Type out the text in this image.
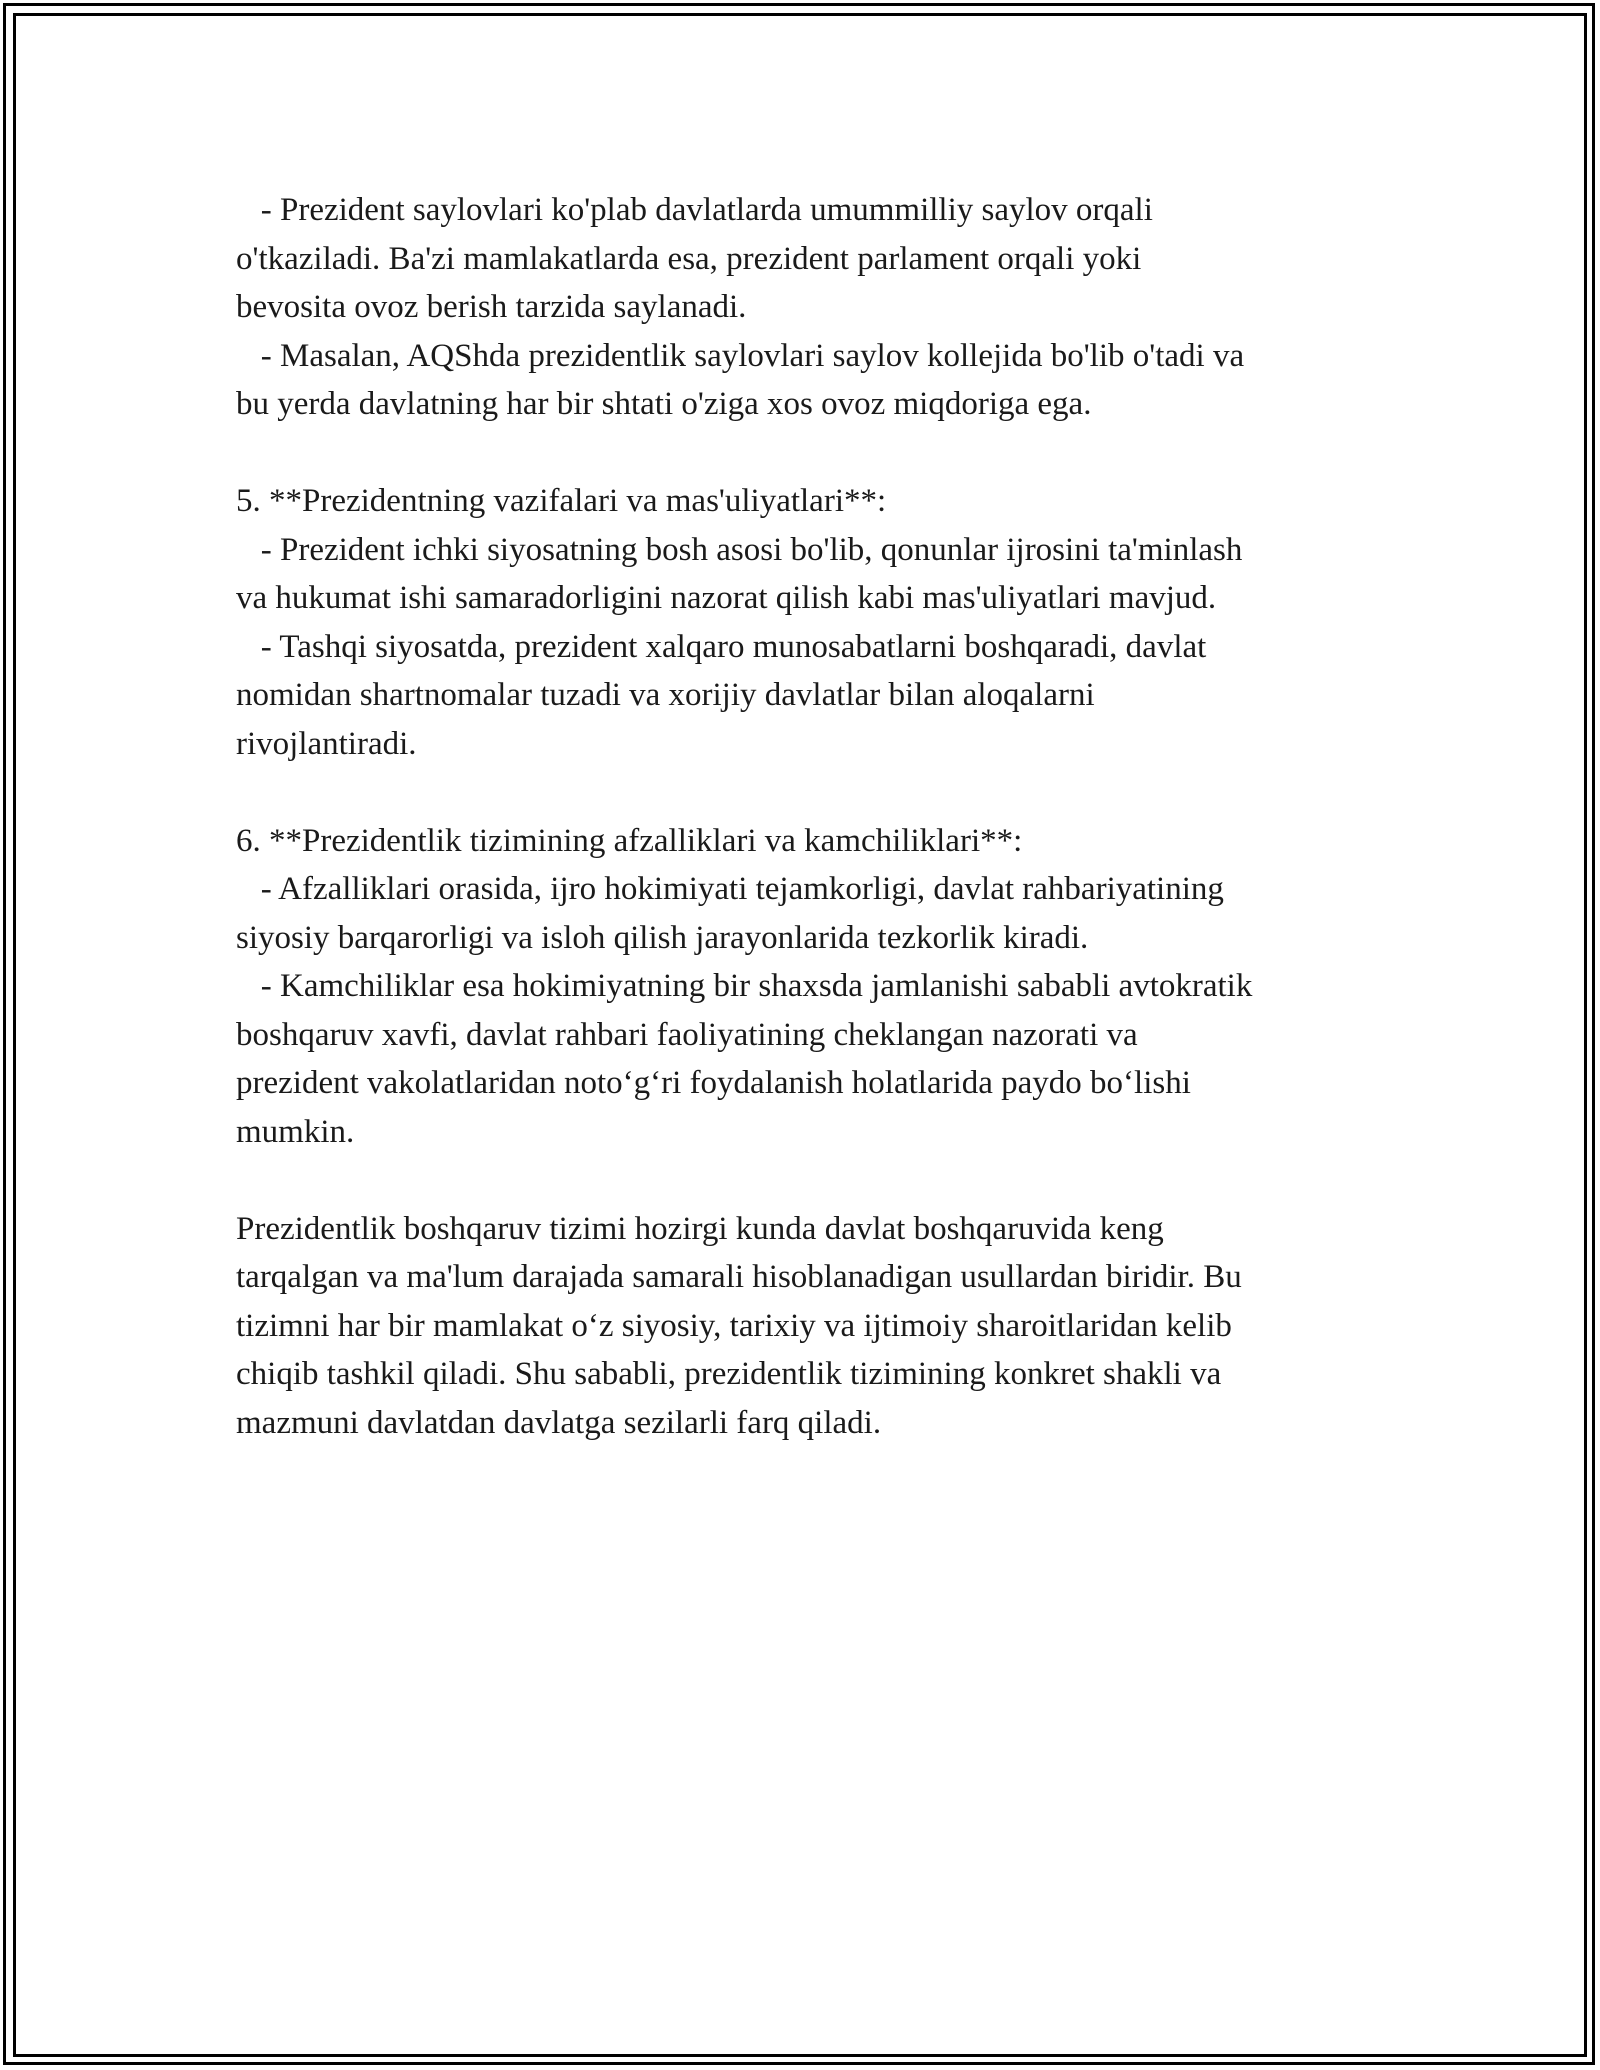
- Prezident saylovlari ko'plab davlatlarda umummilliy saylov orqali
o'tkaziladi. Ba'zi mamlakatlarda esa, prezident parlament orqali yoki
bevosita ovoz berish tarzida saylanadi.
- Masalan, AQShda prezidentlik saylovlari saylov kollejida bo'lib o'tadi va
bu yerda davlatning har bir shtati o'ziga xos ovoz miqdoriga ega.
5. **Prezidentning vazifalari va mas'uliyatlari**:
- Prezident ichki siyosatning bosh asosi bo'lib, qonunlar ijrosini ta'minlash
va hukumat ishi samaradorligini nazorat qilish kabi mas'uliyatlari mavjud.
- Tashqi siyosatda, prezident xalqaro munosabatlarni boshqaradi, davlat
nomidan shartnomalar tuzadi va xorijiy davlatlar bilan aloqalarni
rivojlantiradi.
6. **Prezidentlik tizimining afzalliklari va kamchiliklari**:
- Afzalliklari orasida, ijro hokimiyati tejamkorligi, davlat rahbariyatining
siyosiy barqarorligi va isloh qilish jarayonlarida tezkorlik kiradi.
- Kamchiliklar esa hokimiyatning bir shaxsda jamlanishi sababli avtokratik
boshqaruv xavfi, davlat rahbari faoliyatining cheklangan nazorati va
prezident vakolatlaridan noto‘g‘ri foydalanish holatlarida paydo bo‘lishi
mumkin.
Prezidentlik boshqaruv tizimi hozirgi kunda davlat boshqaruvida keng
tarqalgan va ma'lum darajada samarali hisoblanadigan usullardan biridir. Bu
tizimni har bir mamlakat o‘z siyosiy, tarixiy va ijtimoiy sharoitlaridan kelib
chiqib tashkil qiladi. Shu sababli, prezidentlik tizimining konkret shakli va
mazmuni davlatdan davlatga sezilarli farq qiladi.
